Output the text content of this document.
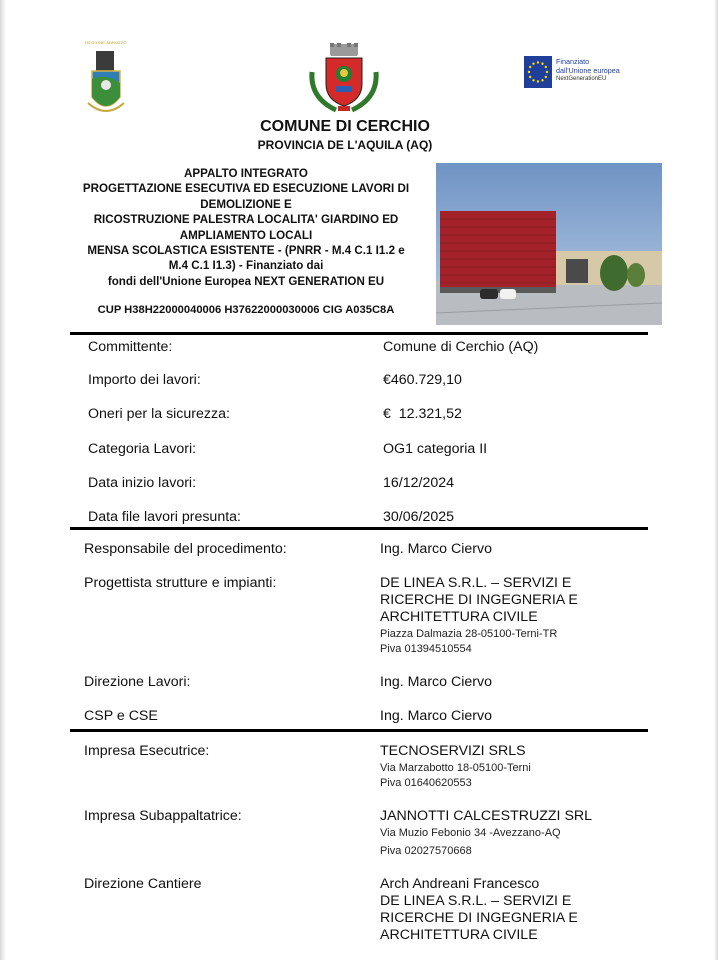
REGIONE ABRUZZO
Finanziato
dall'Unione europea
NextGenerationEU
COMUNE DI CERCHIO
PROVINCIA DE L'AQUILA (AQ)
APPALTO INTEGRATO
PROGETTAZIONE ESECUTIVA ED ESECUZIONE LAVORI DI
DEMOLIZIONE E
RICOSTRUZIONE PALESTRA LOCALITA' GIARDINO ED
AMPLIAMENTO LOCALI
MENSA SCOLASTICA ESISTENTE - (PNRR - M.4 C.1 I1.2 e
M.4 C.1 I1.3) - Finanziato dai
fondi dell'Unione Europea NEXT GENERATION EU
CUP H38H22000040006 H37622000030006 CIG A035C8A
Committente:	Comune di Cerchio (AQ)
Importo dei lavori:	€460.729,10
Oneri per la sicurezza:	€  12.321,52
Categoria Lavori:	OG1 categoria II
Data inizio lavori:	16/12/2024
Data file lavori presunta:	30/06/2025
Responsabile del procedimento:	Ing. Marco Ciervo
Progettista strutture e impianti:	DE LINEA S.R.L. – SERVIZI E
RICERCHE DI INGEGNERIA E
ARCHITETTURA CIVILE
Piazza Dalmazia 28-05100-Terni-TR
Piva 01394510554
Direzione Lavori:	Ing. Marco Ciervo
CSP e CSE	Ing. Marco Ciervo
Impresa Esecutrice:	TECNOSERVIZI SRLS
Via Marzabotto 18-05100-Terni
Piva 01640620553
Impresa Subappaltatrice:	JANNOTTI CALCESTRUZZI SRL
Via Muzio Febonio 34 -Avezzano-AQ
Piva 02027570668
Direzione Cantiere	Arch Andreani Francesco
DE LINEA S.R.L. – SERVIZI E
RICERCHE DI INGEGNERIA E
ARCHITETTURA CIVILE
